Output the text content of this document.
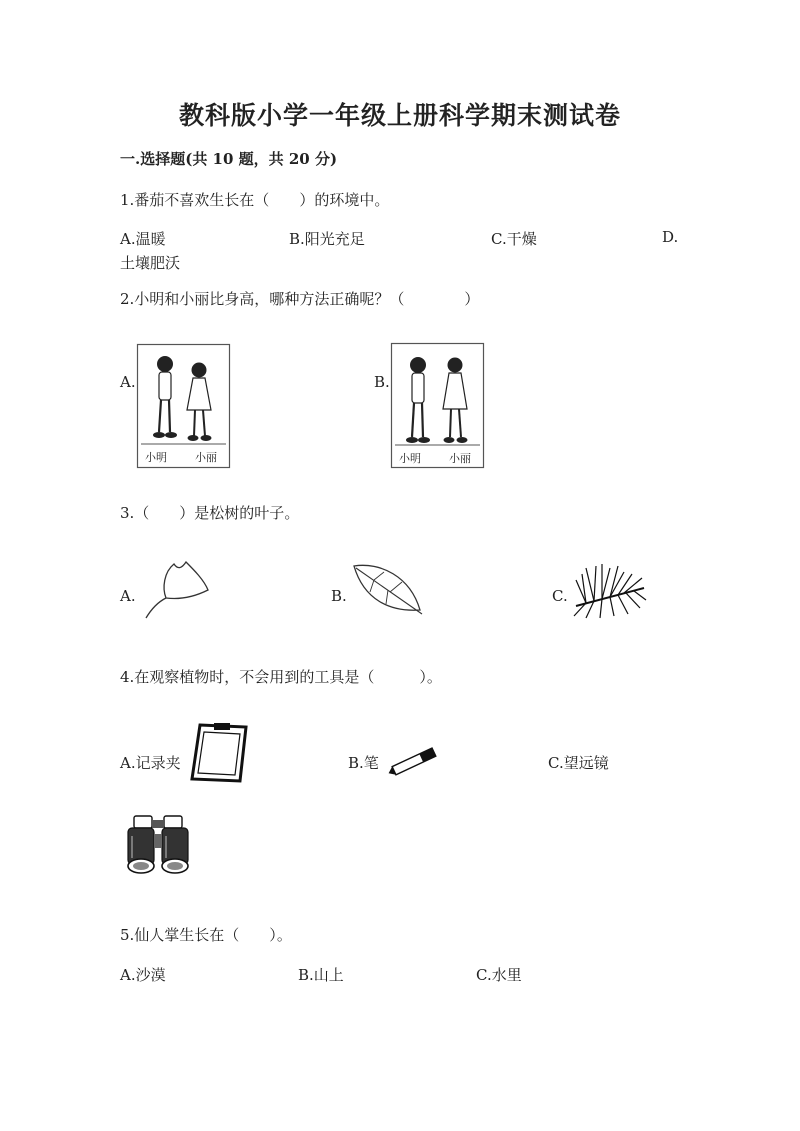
教科版小学一年级上册科学期末测试卷
一.选择题(共 10 题，共 20 分)
1.番茄不喜欢生长在（　　）的环境中。
A.温暖	B.阳光充足	C.干燥	D.
土壤肥沃
2.小明和小丽比身高，哪种方法正确呢？（　　　　）
A.	B.
小明	小丽	小明	小丽
3.（　　）是松树的叶子。
A.	B.	C.
4.在观察植物时，不会用到的工具是（　　　）。
A.记录夹	B.笔	C.望远镜
5.仙人掌生长在（　　）。
A.沙漠	B.山上	C.水里
